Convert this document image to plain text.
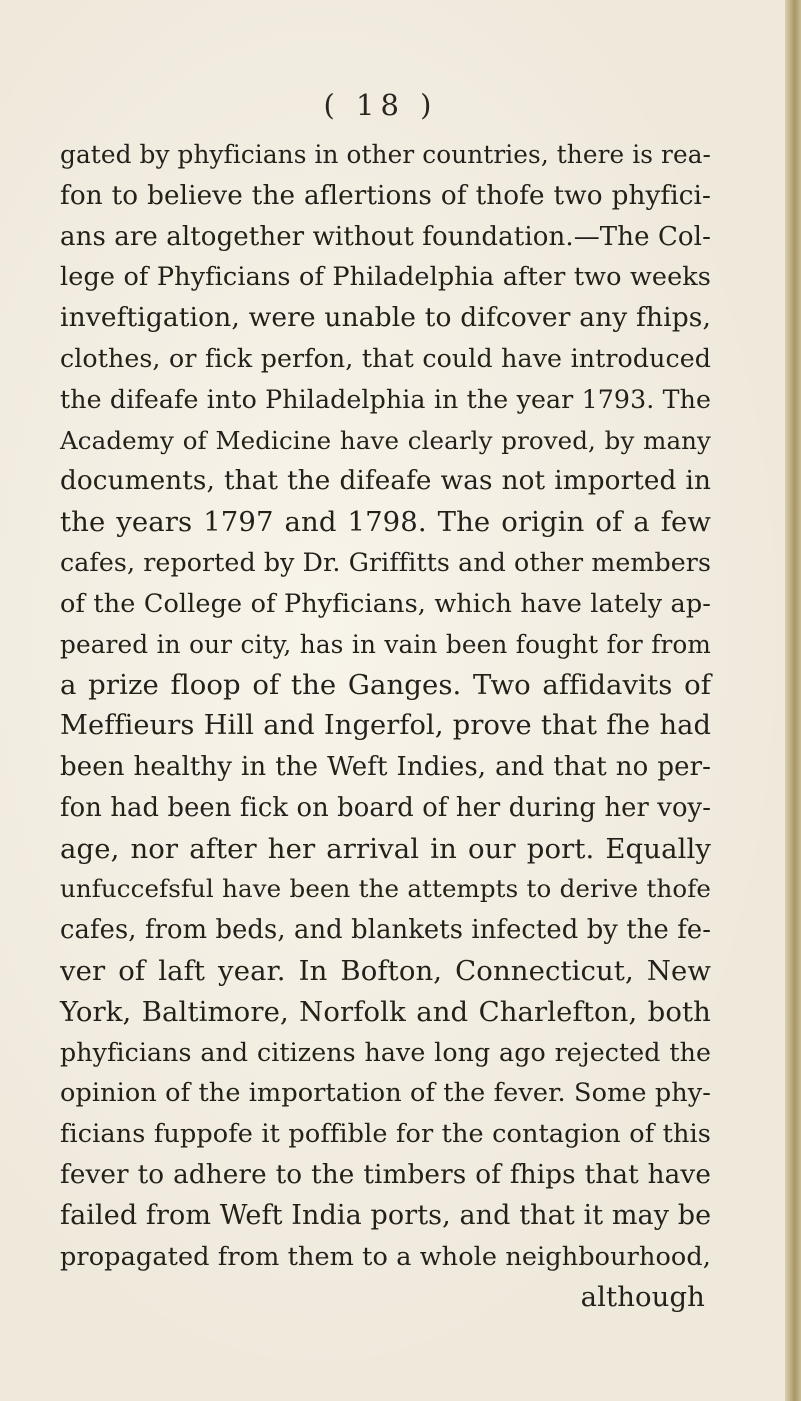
( 18 )
gated by phyficians in other countries, there is rea-
fon to believe the aflertions of thofe two phyfici-
ans are altogether without foundation.—The Col-
lege of Phyficians of Philadelphia after two weeks
inveftigation, were unable to difcover any fhips,
clothes, or fick perfon, that could have introduced
the difeafe into Philadelphia in the year 1793. The
Academy of Medicine have clearly proved, by many
documents, that the difeafe was not imported in
the years 1797 and 1798. The origin of a few
cafes, reported by Dr. Griffitts and other members
of the College of Phyficians, which have lately ap-
peared in our city, has in vain been fought for from
a prize floop of the Ganges. Two affidavits of
Meffieurs Hill and Ingerfol, prove that fhe had
been healthy in the Weft Indies, and that no per-
fon had been fick on board of her during her voy-
age, nor after her arrival in our port. Equally
unfuccefsful have been the attempts to derive thofe
cafes, from beds, and blankets infected by the fe-
ver of laft year. In Bofton, Connecticut, New
York, Baltimore, Norfolk and Charlefton, both
phyficians and citizens have long ago rejected the
opinion of the importation of the fever. Some phy-
ficians fuppofe it poffible for the contagion of this
fever to adhere to the timbers of fhips that have
failed from Weft India ports, and that it may be
propagated from them to a whole neighbourhood,
although
